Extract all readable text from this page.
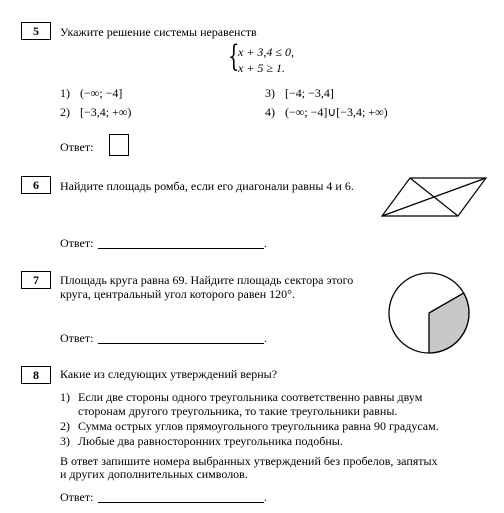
5	Укажите решение системы неравенств
{
x + 3,4 ≤ 0,
x + 5 ≥ 1.
1) (−∞; −4]
2) [−3,4; +∞)
3) [−4; −3,4]
4) (−∞; −4]∪[−3,4; +∞)
Ответ:
6	Найдите площадь ромба, если его диагонали равны 4 и 6.
Ответ:	.
7	Площадь круга равна 69. Найдите площадь сектора этого
круга, центральный угол которого равен 120°.
Ответ:	.
8	Какие из следующих утверждений верны?
1) Если две стороны одного треугольника соответственно равны двум
сторонам другого треугольника, то такие треугольники равны.
2) Сумма острых углов прямоугольного треугольника равна 90 градусам.
3) Любые два равносторонних треугольника подобны.
В ответ запишите номера выбранных утверждений без пробелов, запятых
и других дополнительных символов.
Ответ:	.
